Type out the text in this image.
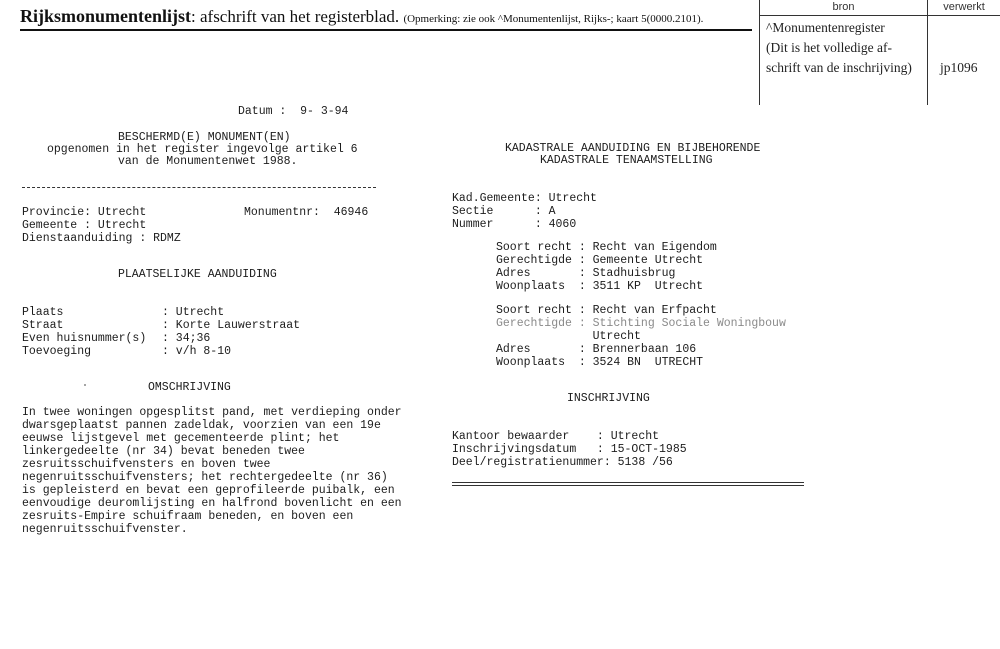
Rijksmonumentenlijst: afschrift van het registerblad. (Opmerking: zie ook ^Monumentenlijst, Rijks-; kaart 5(0000.2101).
bron	verwerkt
^Monumentenregister
(Dit is het volledige af-
schrift van de inschrijving) jp1096
Datum :  9- 3-94
BESCHERMD(E) MONUMENT(EN)
opgenomen in het register ingevolge artikel 6
van de Monumentenwet 1988.
Provincie: Utrecht	Monumentnr:  46946
Gemeente : Utrecht
Dienstaanduiding : RDMZ
PLAATSELIJKE AANDUIDING
Plaats	: Utrecht
Straat	: Korte Lauwerstraat
Even huisnummer(s) : 34;36
Toevoeging	: v/h 8-10
OMSCHRIJVING
In twee woningen opgesplitst pand, met verdieping onder
dwarsgeplaatst pannen zadeldak, voorzien van een 19e
eeuwse lijstgevel met gecementeerde plint; het
linkergedeelte (nr 34) bevat beneden twee
zesruitsschuifvensters en boven twee
negenruitsschuifvensters; het rechtergedeelte (nr 36)
is gepleisterd en bevat een geprofileerde puibalk, een
eenvoudige deuromlijsting en halfrond bovenlicht en een
zesruits-Empire schuifraam beneden, en boven een
negenruitsschuifvenster.
KADASTRALE AANDUIDING EN BIJBEHORENDE
KADASTRALE TENAAMSTELLING
Kad.Gemeente: Utrecht
Sectie      : A
Nummer      : 4060
Soort recht : Recht van Eigendom
Gerechtigde : Gemeente Utrecht
Adres       : Stadhuisbrug
Woonplaats  : 3511 KP  Utrecht
Soort recht : Recht van Erfpacht
Gerechtigde : Stichting Sociale Woningbouw
Utrecht
Adres       : Brennerbaan 106
Woonplaats  : 3524 BN  UTRECHT
INSCHRIJVING
Kantoor bewaarder    : Utrecht
Inschrijvingsdatum   : 15-OCT-1985
Deel/registratienummer: 5138 /56
